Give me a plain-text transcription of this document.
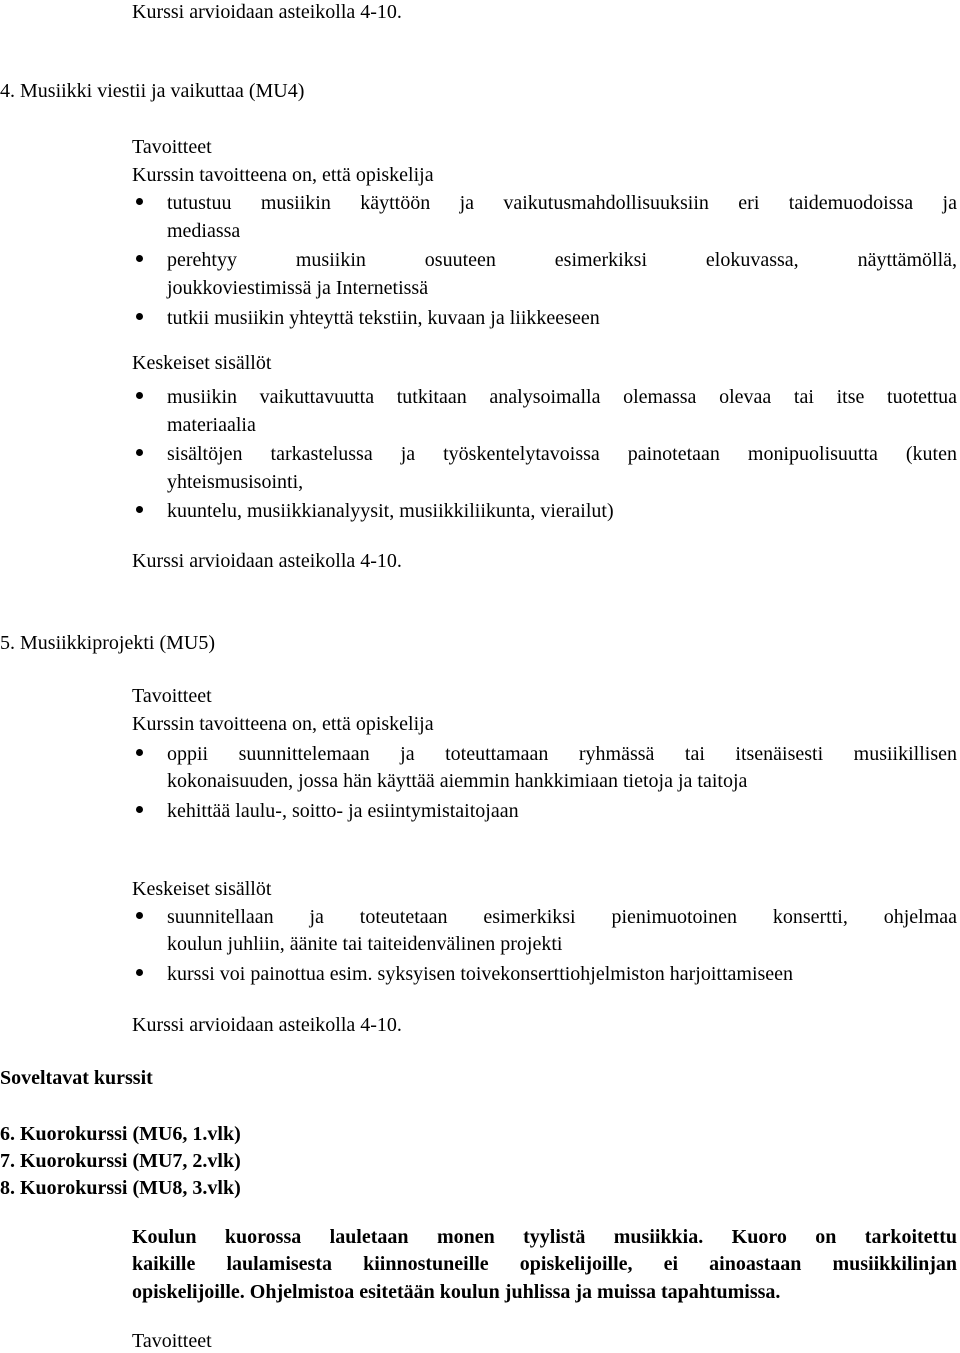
Kurssi arvioidaan asteikolla 4-10.

4. Musiikki viestii ja vaikuttaa (MU4)

Tavoitteet

Kurssin tavoitteena on, että opiskelija

tutustuu musiikin käyttöön ja vaikutusmahdollisuuksiin eri taidemuodoissa ja

mediassa

perehtyy musiikin osuuteen esimerkiksi elokuvassa, näyttämöllä,

joukkoviestimissä ja Internetissä

tutkii musiikin yhteyttä tekstiin, kuvaan ja liikkeeseen

Keskeiset sisällöt

musiikin vaikuttavuutta tutkitaan analysoimalla olemassa olevaa tai itse tuotettua

materiaalia

sisältöjen tarkastelussa ja työskentelytavoissa painotetaan monipuolisuutta (kuten

yhteismusisointi,

kuuntelu, musiikkianalyysit, musiikkiliikunta, vierailut)

Kurssi arvioidaan asteikolla 4-10.

5. Musiikkiprojekti (MU5)

Tavoitteet

Kurssin tavoitteena on, että opiskelija

oppii suunnittelemaan ja toteuttamaan ryhmässä tai itsenäisesti musiikillisen

kokonaisuuden, jossa hän käyttää aiemmin hankkimiaan tietoja ja taitoja

kehittää laulu-, soitto- ja esiintymistaitojaan

Keskeiset sisällöt

suunnitellaan ja toteutetaan esimerkiksi pienimuotoinen konsertti, ohjelmaa

koulun juhliin, äänite tai taiteidenvälinen projekti

kurssi voi painottua esim. syksyisen toivekonserttiohjelmiston harjoittamiseen

Kurssi arvioidaan asteikolla 4-10.

Soveltavat kurssit

6. Kuorokurssi (MU6, 1.vlk)

7. Kuorokurssi (MU7, 2.vlk)

8. Kuorokurssi (MU8, 3.vlk)

Koulun kuorossa lauletaan monen tyylistä musiikkia. Kuoro on tarkoitettu

kaikille laulamisesta kiinnostuneille opiskelijoille, ei ainoastaan musiikkilinjan

opiskelijoille. Ohjelmistoa esitetään koulun juhlissa ja muissa tapahtumissa.

Tavoitteet
